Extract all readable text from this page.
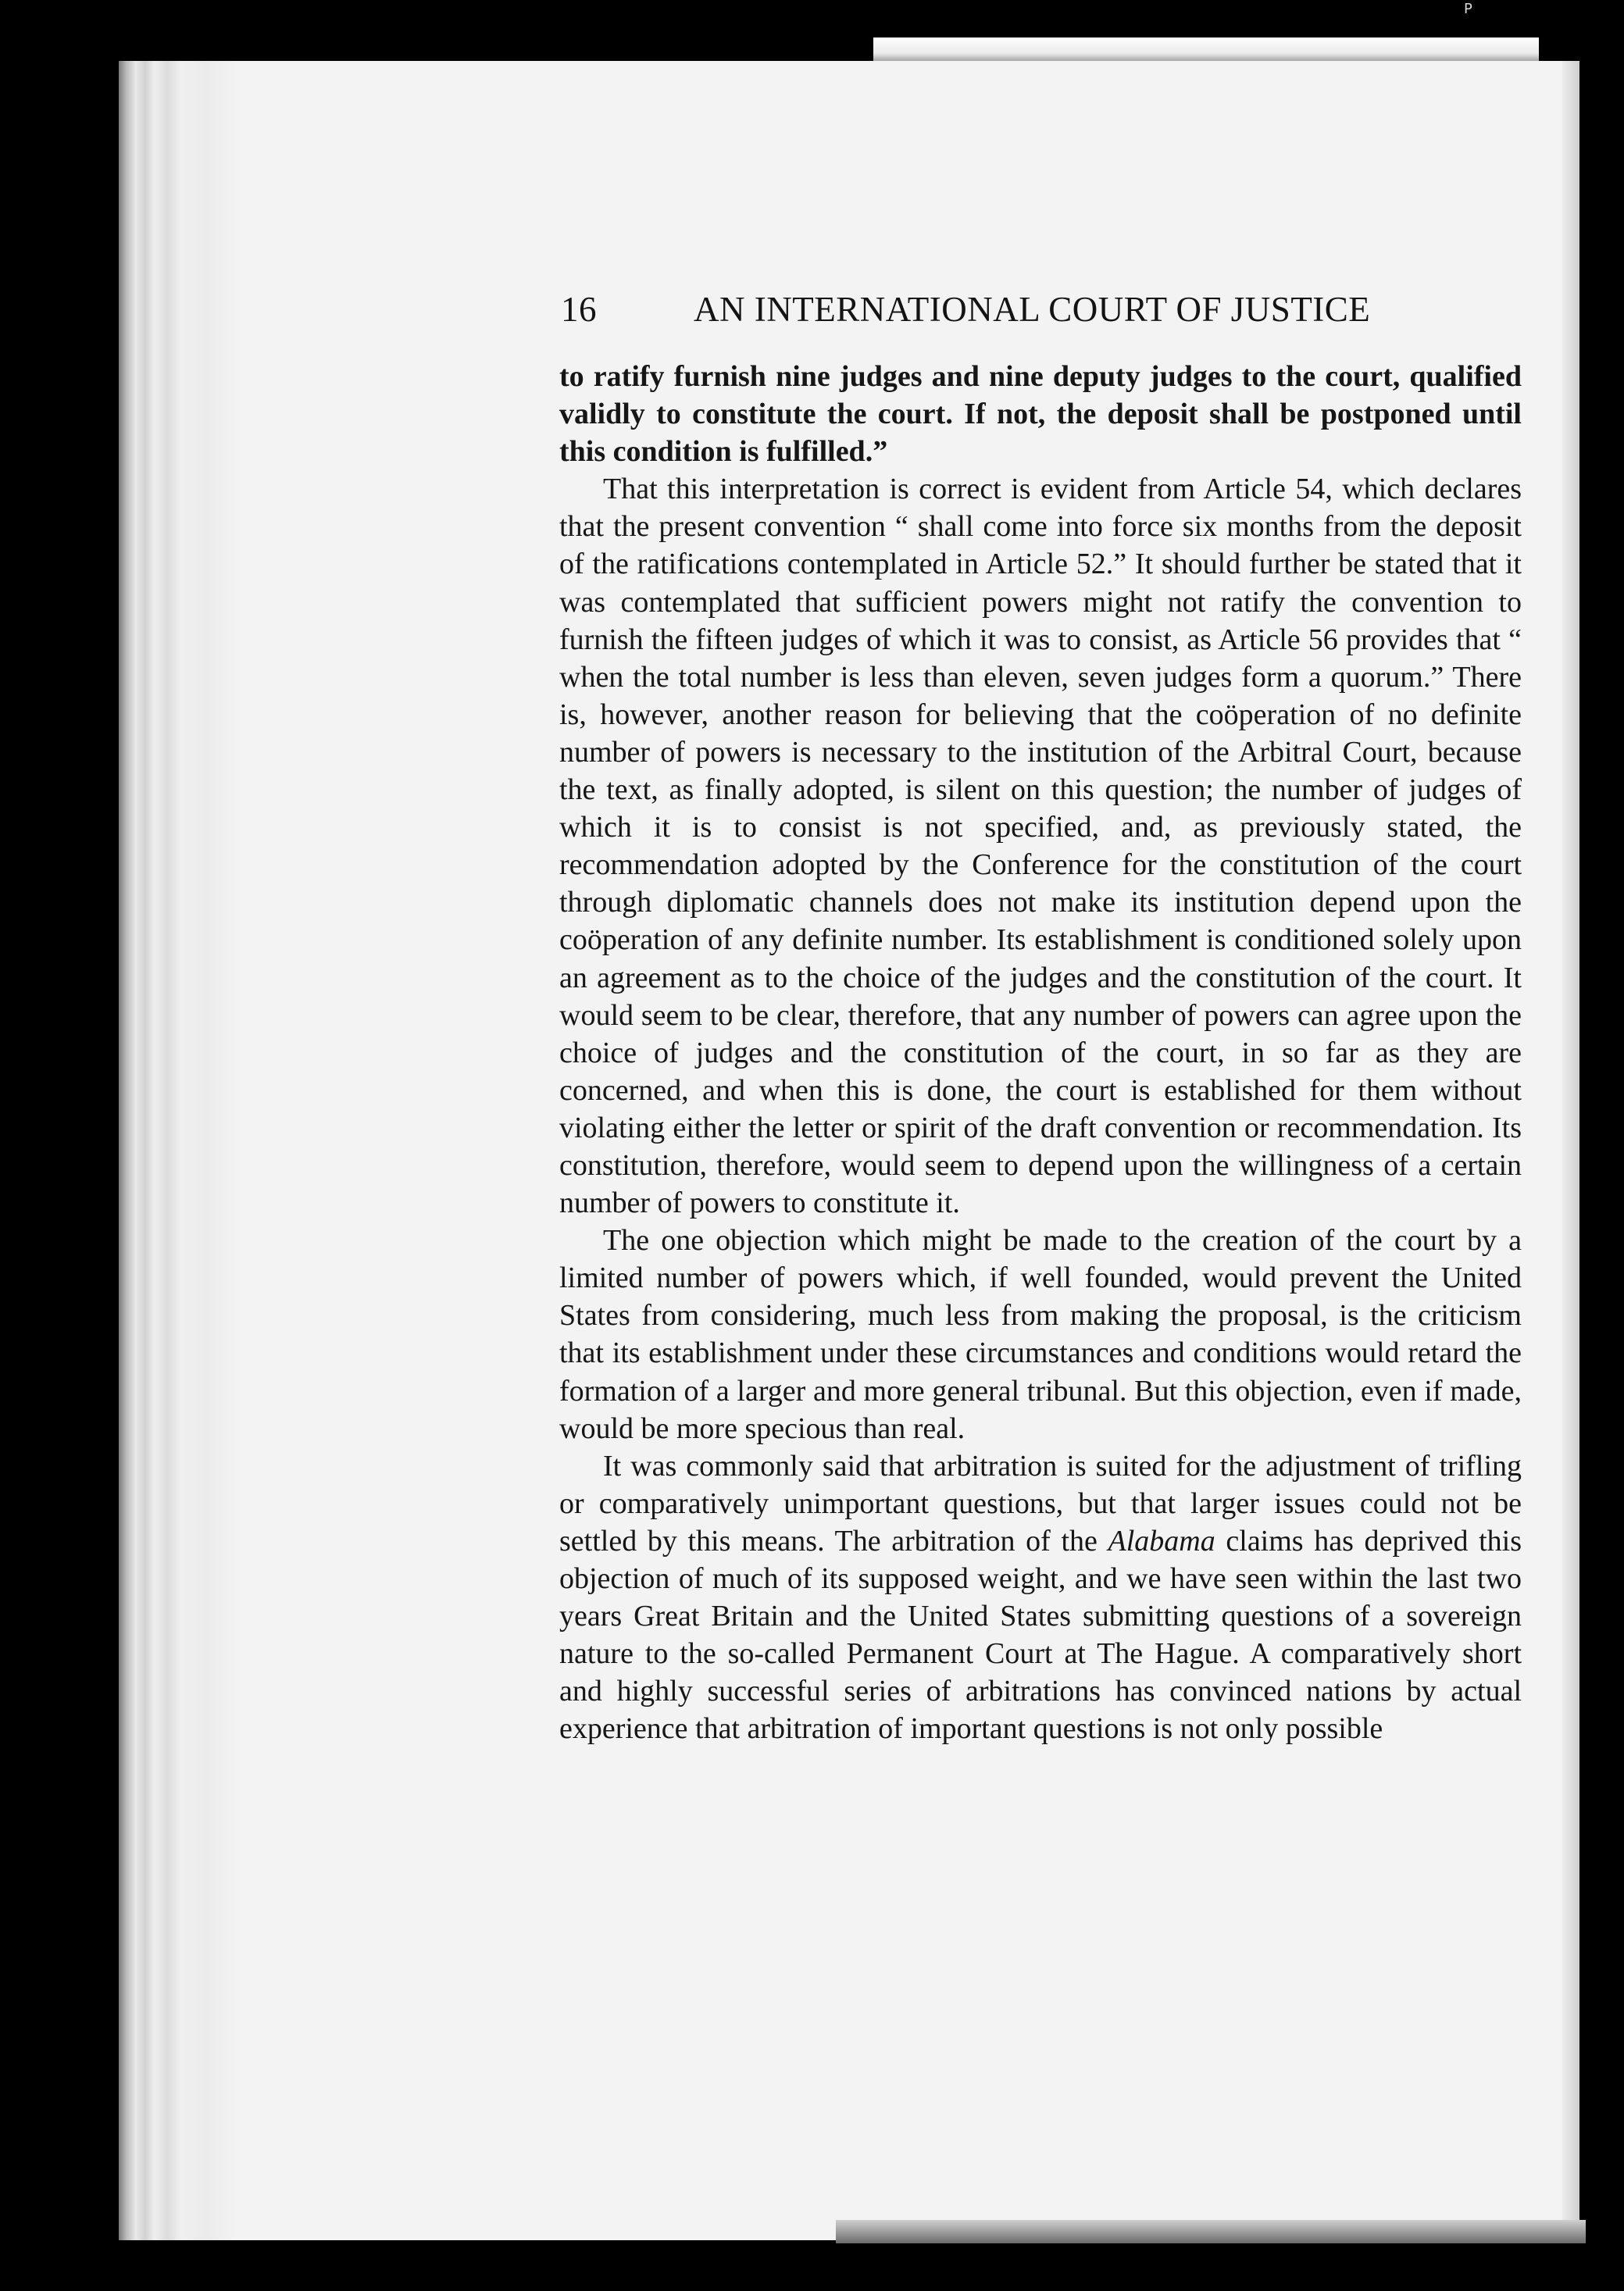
P
16	AN INTERNATIONAL COURT OF JUSTICE

to ratify furnish nine judges and nine deputy judges to the court, qualified validly to constitute the court. If not, the deposit shall be postponed until this condition is fulfilled.”

That this interpretation is correct is evident from Article 54, which declares that the present convention “ shall come into force six months from the deposit of the ratifications contemplated in Article 52.” It should further be stated that it was contemplated that sufficient powers might not ratify the convention to furnish the fifteen judges of which it was to consist, as Article 56 provides that “ when the total number is less than eleven, seven judges form a quorum.” There is, however, another reason for believing that the coöperation of no definite number of powers is necessary to the institution of the Arbitral Court, because the text, as finally adopted, is silent on this question; the number of judges of which it is to consist is not specified, and, as previously stated, the recommendation adopted by the Conference for the constitution of the court through diplomatic channels does not make its institution depend upon the coöperation of any definite number. Its establishment is conditioned solely upon an agreement as to the choice of the judges and the constitution of the court. It would seem to be clear, therefore, that any number of powers can agree upon the choice of judges and the constitution of the court, in so far as they are concerned, and when this is done, the court is established for them without violating either the letter or spirit of the draft convention or recommendation. Its constitution, therefore, would seem to depend upon the willingness of a certain number of powers to constitute it.

The one objection which might be made to the creation of the court by a limited number of powers which, if well founded, would prevent the United States from considering, much less from making the proposal, is the criticism that its establishment under these circumstances and conditions would retard the formation of a larger and more general tribunal. But this objection, even if made, would be more specious than real.

It was commonly said that arbitration is suited for the adjustment of trifling or comparatively unimportant questions, but that larger issues could not be settled by this means. The arbitration of the Alabama claims has deprived this objection of much of its supposed weight, and we have seen within the last two years Great Britain and the United States submitting questions of a sovereign nature to the so-called Permanent Court at The Hague. A comparatively short and highly successful series of arbitrations has convinced nations by actual experience that arbitration of important questions is not only possible
